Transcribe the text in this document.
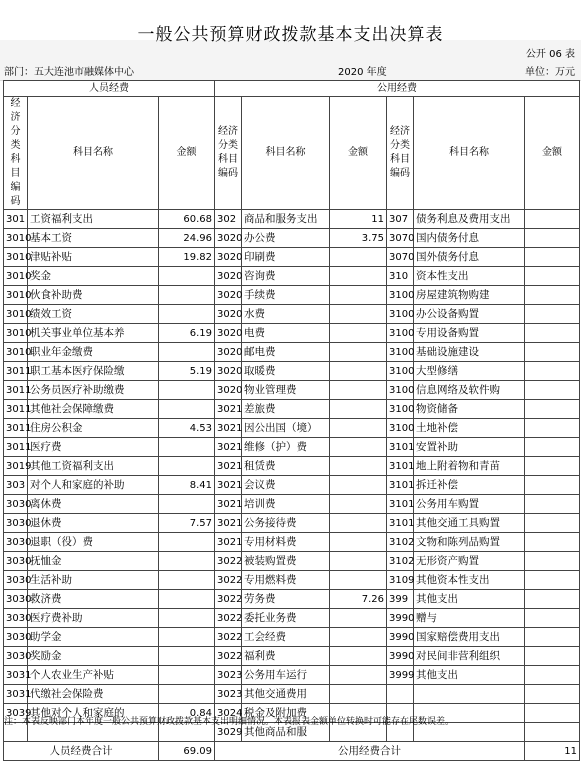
一般公共预算财政拨款基本支出决算表
公开 06 表
部门：五大连池市融媒体中心	2020 年度	单位：万元
人员经费			公用经费					
经济分类科目编码	科目名称	金额	经济分类科目编码	科目名称	金额	经济分类科目编码	科目名称	金额
301	工资福利支出	60.68	302	商品和服务支出	11	307	债务利息及费用支出	
3010	基本工资	24.96	3020	办公费	3.75	3070	国内债务付息	
3010	津贴补贴	19.82	3020	印刷费		3070	国外债务付息	
3010	奖金		3020	咨询费		310	资本性支出	
3010	伙食补助费		3020	手续费		3100	房屋建筑物购建	
3010	绩效工资		3020	水费		3100	办公设备购置	
3010	机关事业单位基本养	6.19	3020	电费		3100	专用设备购置	
3010	职业年金缴费		3020	邮电费		3100	基础设施建设	
3011	职工基本医疗保险缴	5.19	3020	取暖费		3100	大型修缮	
3011	公务员医疗补助缴费		3020	物业管理费		3100	信息网络及软件购	
3011	其他社会保障缴费		3021	差旅费		3100	物资储备	
3011	住房公积金	4.53	3021	因公出国（境）		3100	土地补偿	
3011	医疗费		3021	维修（护）费		3101	安置补助	
3019	其他工资福利支出		3021	租赁费		3101	地上附着物和青苗	
303	对个人和家庭的补助	8.41	3021	会议费		3101	拆迁补偿	
3030	离休费		3021	培训费		3101	公务用车购置	
3030	退休费	7.57	3021	公务接待费		3101	其他交通工具购置	
3030	退职（役）费		3021	专用材料费		3102	文物和陈列品购置	
3030	抚恤金		3022	被装购置费		3102	无形资产购置	
3030	生活补助		3022	专用燃料费		3109	其他资本性支出	
3030	救济费		3022	劳务费	7.26	399	其他支出	
3030	医疗费补助		3022	委托业务费		3990	赠与	
3030	助学金		3022	工会经费		3990	国家赔偿费用支出	
3030	奖励金		3022	福利费		3990	对民间非营利组织	
3031	个人农业生产补贴		3023	公务用车运行		3999	其他支出	
3031	代缴社会保险费		3023	其他交通费用				
3039	其他对个人和家庭的	0.84	3024	税金及附加费				
			3029	其他商品和服				
人员经费合计		69.09	公用经费合计					11
注：本表反映部门本年度一般公共预算财政拨款基本支出明细情况。本表报表金额单位转换时可能存在尾数误差。
